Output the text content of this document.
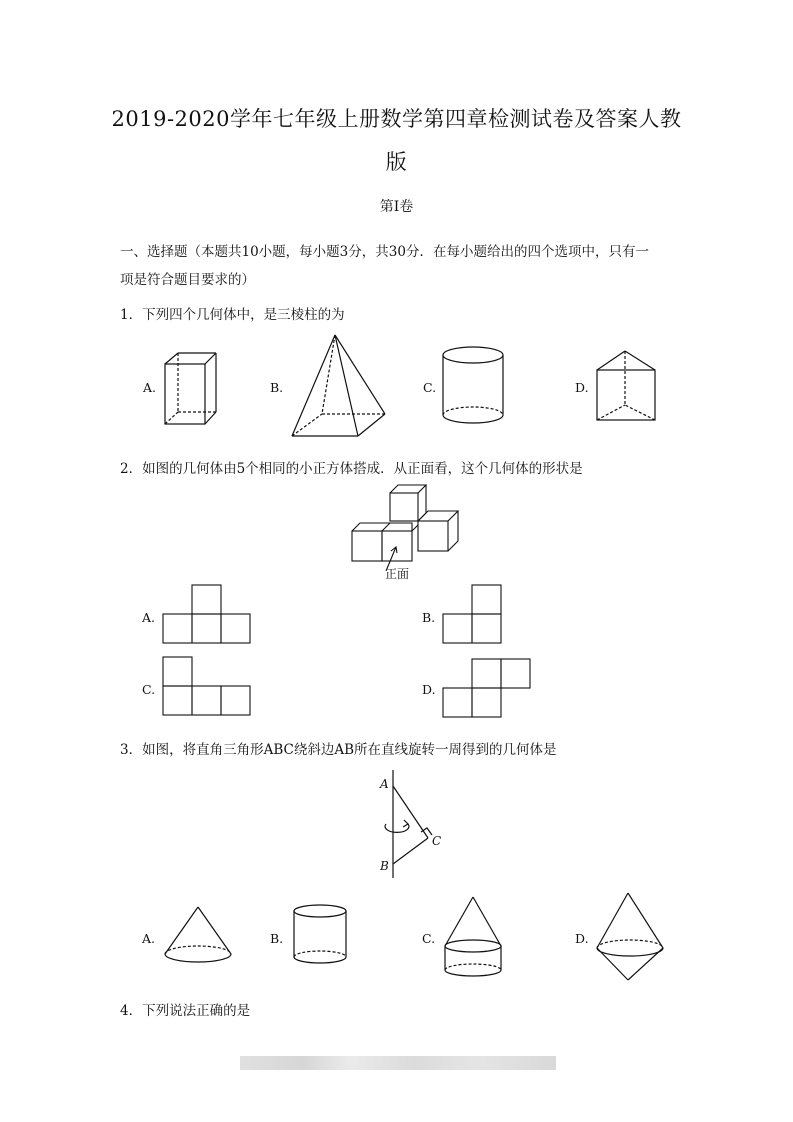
2019-2020学年七年级上册数学第四章检测试卷及答案人教
版
第Ⅰ卷
一、选择题（本题共10小题，每小题3分，共30分．在每小题给出的四个选项中，只有一
项是符合题目要求的）
1．下列四个几何体中，是三棱柱的为
A.	B.	C.	D.
2．如图的几何体由5个相同的小正方体搭成．从正面看，这个几何体的形状是
正面
A.	B.
C.	D.
3．如图，将直角三角形ABC绕斜边AB所在直线旋转一周得到的几何体是
A
B
C
A.	B.	C.	D.
4．下列说法正确的是
